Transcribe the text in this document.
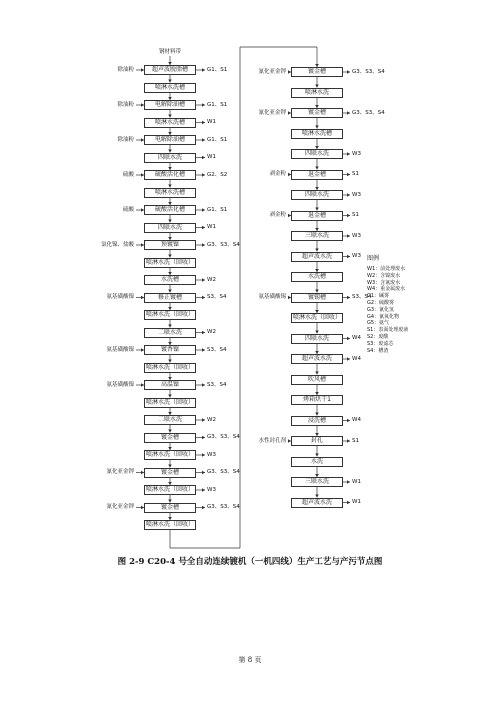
钢材料带
超声波脱脂槽
除油粉	G1、S1
喷淋水洗槽
电解除油槽
除油粉	G1、S1
喷淋水洗槽	W1
电解除油槽
除油粉	G1、S1
四联水洗	W1
硫酸活化槽
硫酸	G2、S2
喷淋水洗槽
硫酸活化槽
硫酸	G1、S1
四联水洗	W1
预镀镍
氯化镍、盐酸	G3、S3、S4
喷淋水洗（回收）
水洗槽	W2
修正镀槽
氨基磺酸镍	S3、S4
喷淋水洗（回收）
二联水洗	W2
镀香镍
氨基磺酸镍	S3、S4
喷淋水洗（回收）
高温镍
氨基磺酸镍	S3、S4
喷淋水洗（回收）
二联水洗	W2
镀金槽	G3、S3、S4
喷淋水洗（回收）	W3
镀金槽
氰化亚金钾	G3、S3、S4
喷淋水洗（回收）	W3
镀金槽
氰化亚金钾	G3、S3、S4
喷淋水洗（回收）
镀金槽
氰化亚金钾	G3、S3、S4
喷淋水洗
镀金槽
氰化亚金钾	G3、S3、S4
喷淋水洗槽
四联水洗	W3
退金槽
剥金粉	S1
四联水洗	W3
退金槽
剥金粉	S1
三联水洗	W3
超声波水洗	W3
水洗槽
镀锡槽
氨基磺酸锡	S3、S4
喷淋水洗（回收）
四联水洗	W4
超声波水洗	W4
吹风槽
烤箱烘干1
浸洗槽	W4
封孔
水性封孔剂	S1
水洗
三联水洗	W1
超声波水洗	W1
图例
W1：前处理废水
W2：含镍废水
W3：含氰废水
W4：重金属废水
G1：碱雾
G2：硫酸雾
G3：氰化氢
G4：氰氧化物
G5：氨气
S1：表面处理废液
S2：废酸
S3：废滤芯
S4：槽渣
图 2-9 C20-4 号全自动连续镀机（一机四线）生产工艺与产污节点图
第 8 页
